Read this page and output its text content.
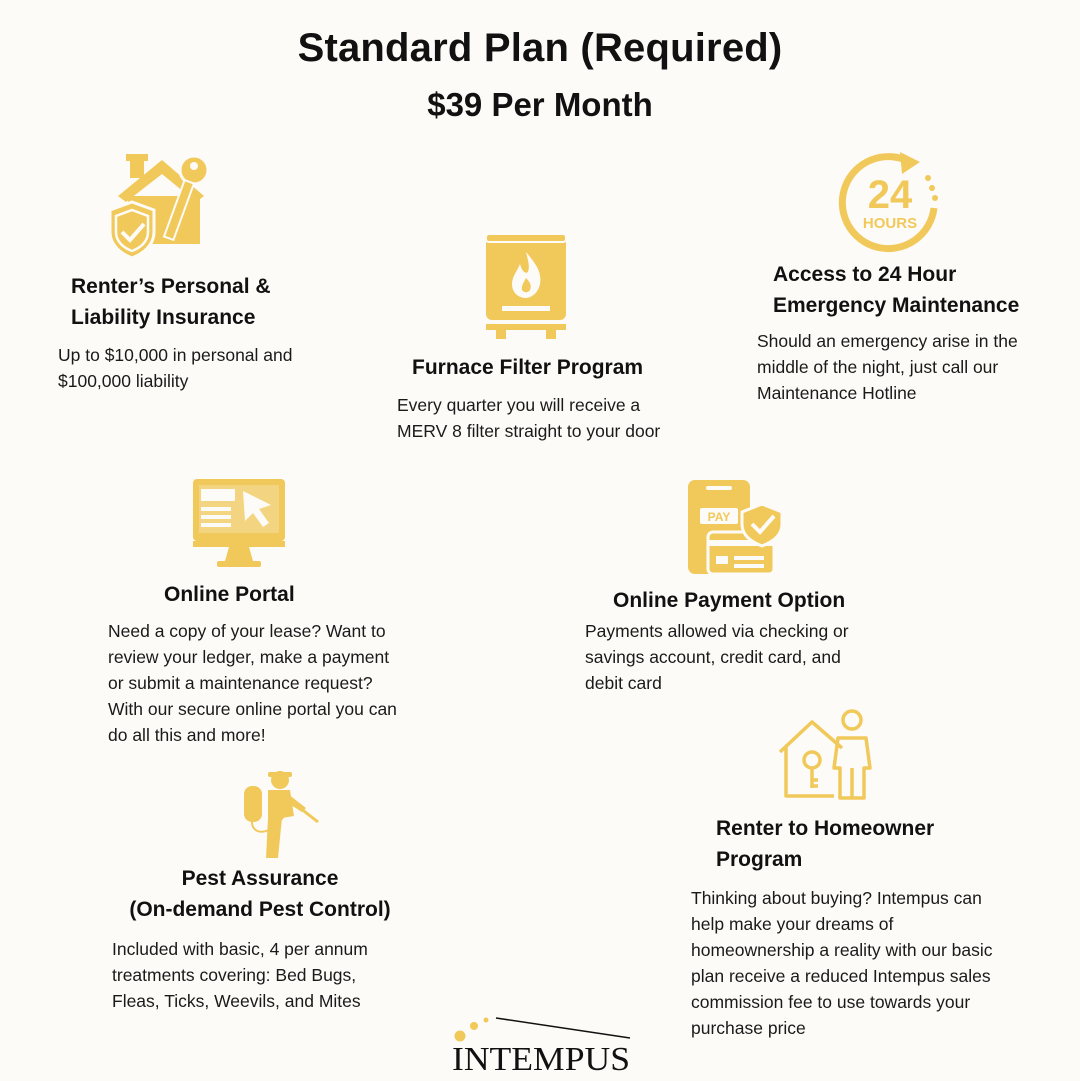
Standard Plan (Required)
$39 Per Month
Renter’s Personal &
Liability Insurance
Up to $10,000 in personal and
$100,000 liability
Furnace Filter Program
Every quarter you will receive a
MERV 8 filter straight to your door
24
HOURS
Access to 24 Hour
Emergency Maintenance
Should an emergency arise in the
middle of the night, just call our
Maintenance Hotline
Online Portal
Need a copy of your lease? Want to
review your ledger, make a payment
or submit a maintenance request?
With our secure online portal you can
do all this and more!
PAY
Online Payment Option
Payments allowed via checking or
savings account, credit card, and
debit card
Pest Assurance
(On-demand Pest Control)
Included with basic, 4 per annum
treatments covering: Bed Bugs,
Fleas, Ticks, Weevils, and Mites
Renter to Homeowner
Program
Thinking about buying? Intempus can
help make your dreams of
homeownership a reality with our basic
plan receive a reduced Intempus sales
commission fee to use towards your
purchase price
INTEMPUS
